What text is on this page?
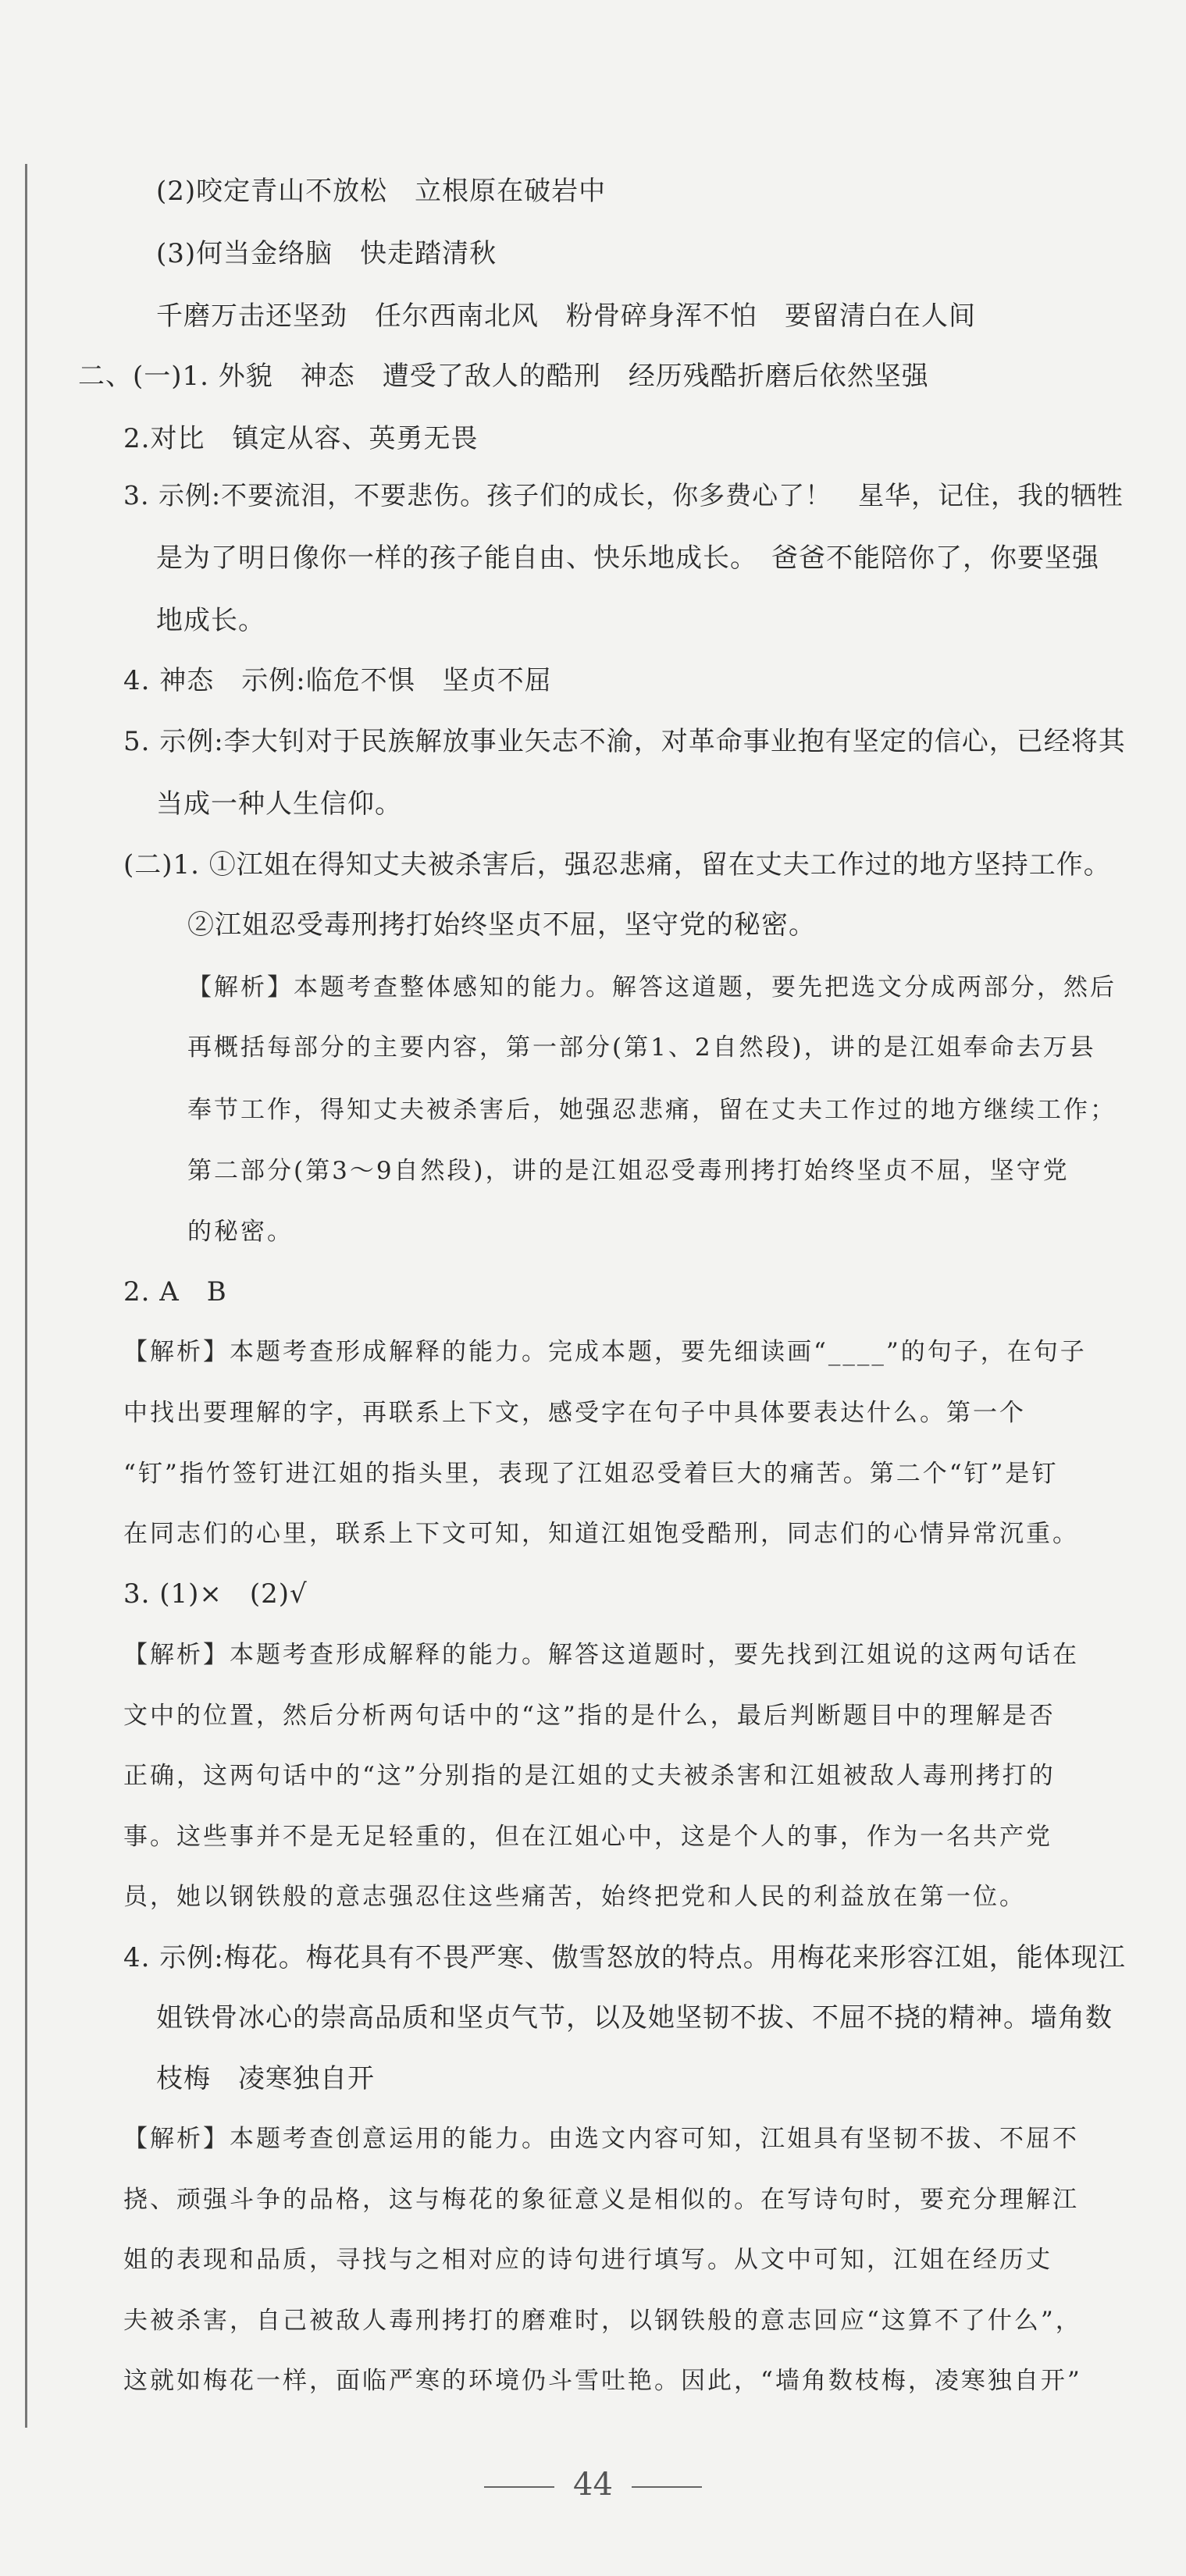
(2)咬定青山不放松　立根原在破岩中
(3)何当金络脑　快走踏清秋
千磨万击还坚劲　任尔西南北风　粉骨碎身浑不怕　要留清白在人间
二、(一)1. 外貌　神态　遭受了敌人的酷刑　经历残酷折磨后依然坚强
2.对比　镇定从容、英勇无畏
3. 示例:不要流泪，不要悲伤。孩子们的成长，你多费心了！　星华，记住，我的牺牲
是为了明日像你一样的孩子能自由、快乐地成长。　爸爸不能陪你了，你要坚强
地成长。
4. 神态　示例:临危不惧　坚贞不屈
5. 示例:李大钊对于民族解放事业矢志不渝，对革命事业抱有坚定的信心，已经将其
当成一种人生信仰。
(二)1. ①江姐在得知丈夫被杀害后，强忍悲痛，留在丈夫工作过的地方坚持工作。
②江姐忍受毒刑拷打始终坚贞不屈，坚守党的秘密。
【解析】本题考查整体感知的能力。解答这道题，要先把选文分成两部分，然后
再概括每部分的主要内容，第一部分(第1、2自然段)，讲的是江姐奉命去万县
奉节工作，得知丈夫被杀害后，她强忍悲痛，留在丈夫工作过的地方继续工作；
第二部分(第3～9自然段)，讲的是江姐忍受毒刑拷打始终坚贞不屈，坚守党
的秘密。
2. A　B
【解析】本题考查形成解释的能力。完成本题，要先细读画“____”的句子，在句子
中找出要理解的字，再联系上下文，感受字在句子中具体要表达什么。第一个
“钉”指竹签钉进江姐的指头里，表现了江姐忍受着巨大的痛苦。第二个“钉”是钉
在同志们的心里，联系上下文可知，知道江姐饱受酷刑，同志们的心情异常沉重。
3. (1)×　(2)√
【解析】本题考查形成解释的能力。解答这道题时，要先找到江姐说的这两句话在
文中的位置，然后分析两句话中的“这”指的是什么，最后判断题目中的理解是否
正确，这两句话中的“这”分别指的是江姐的丈夫被杀害和江姐被敌人毒刑拷打的
事。这些事并不是无足轻重的，但在江姐心中，这是个人的事，作为一名共产党
员，她以钢铁般的意志强忍住这些痛苦，始终把党和人民的利益放在第一位。
4. 示例:梅花。梅花具有不畏严寒、傲雪怒放的特点。用梅花来形容江姐，能体现江
姐铁骨冰心的崇高品质和坚贞气节，以及她坚韧不拔、不屈不挠的精神。墙角数
枝梅　凌寒独自开
【解析】本题考查创意运用的能力。由选文内容可知，江姐具有坚韧不拔、不屈不
挠、顽强斗争的品格，这与梅花的象征意义是相似的。在写诗句时，要充分理解江
姐的表现和品质，寻找与之相对应的诗句进行填写。从文中可知，江姐在经历丈
夫被杀害，自己被敌人毒刑拷打的磨难时，以钢铁般的意志回应“这算不了什么”，
这就如梅花一样，面临严寒的环境仍斗雪吐艳。因此，“墙角数枝梅，凌寒独自开”
44
